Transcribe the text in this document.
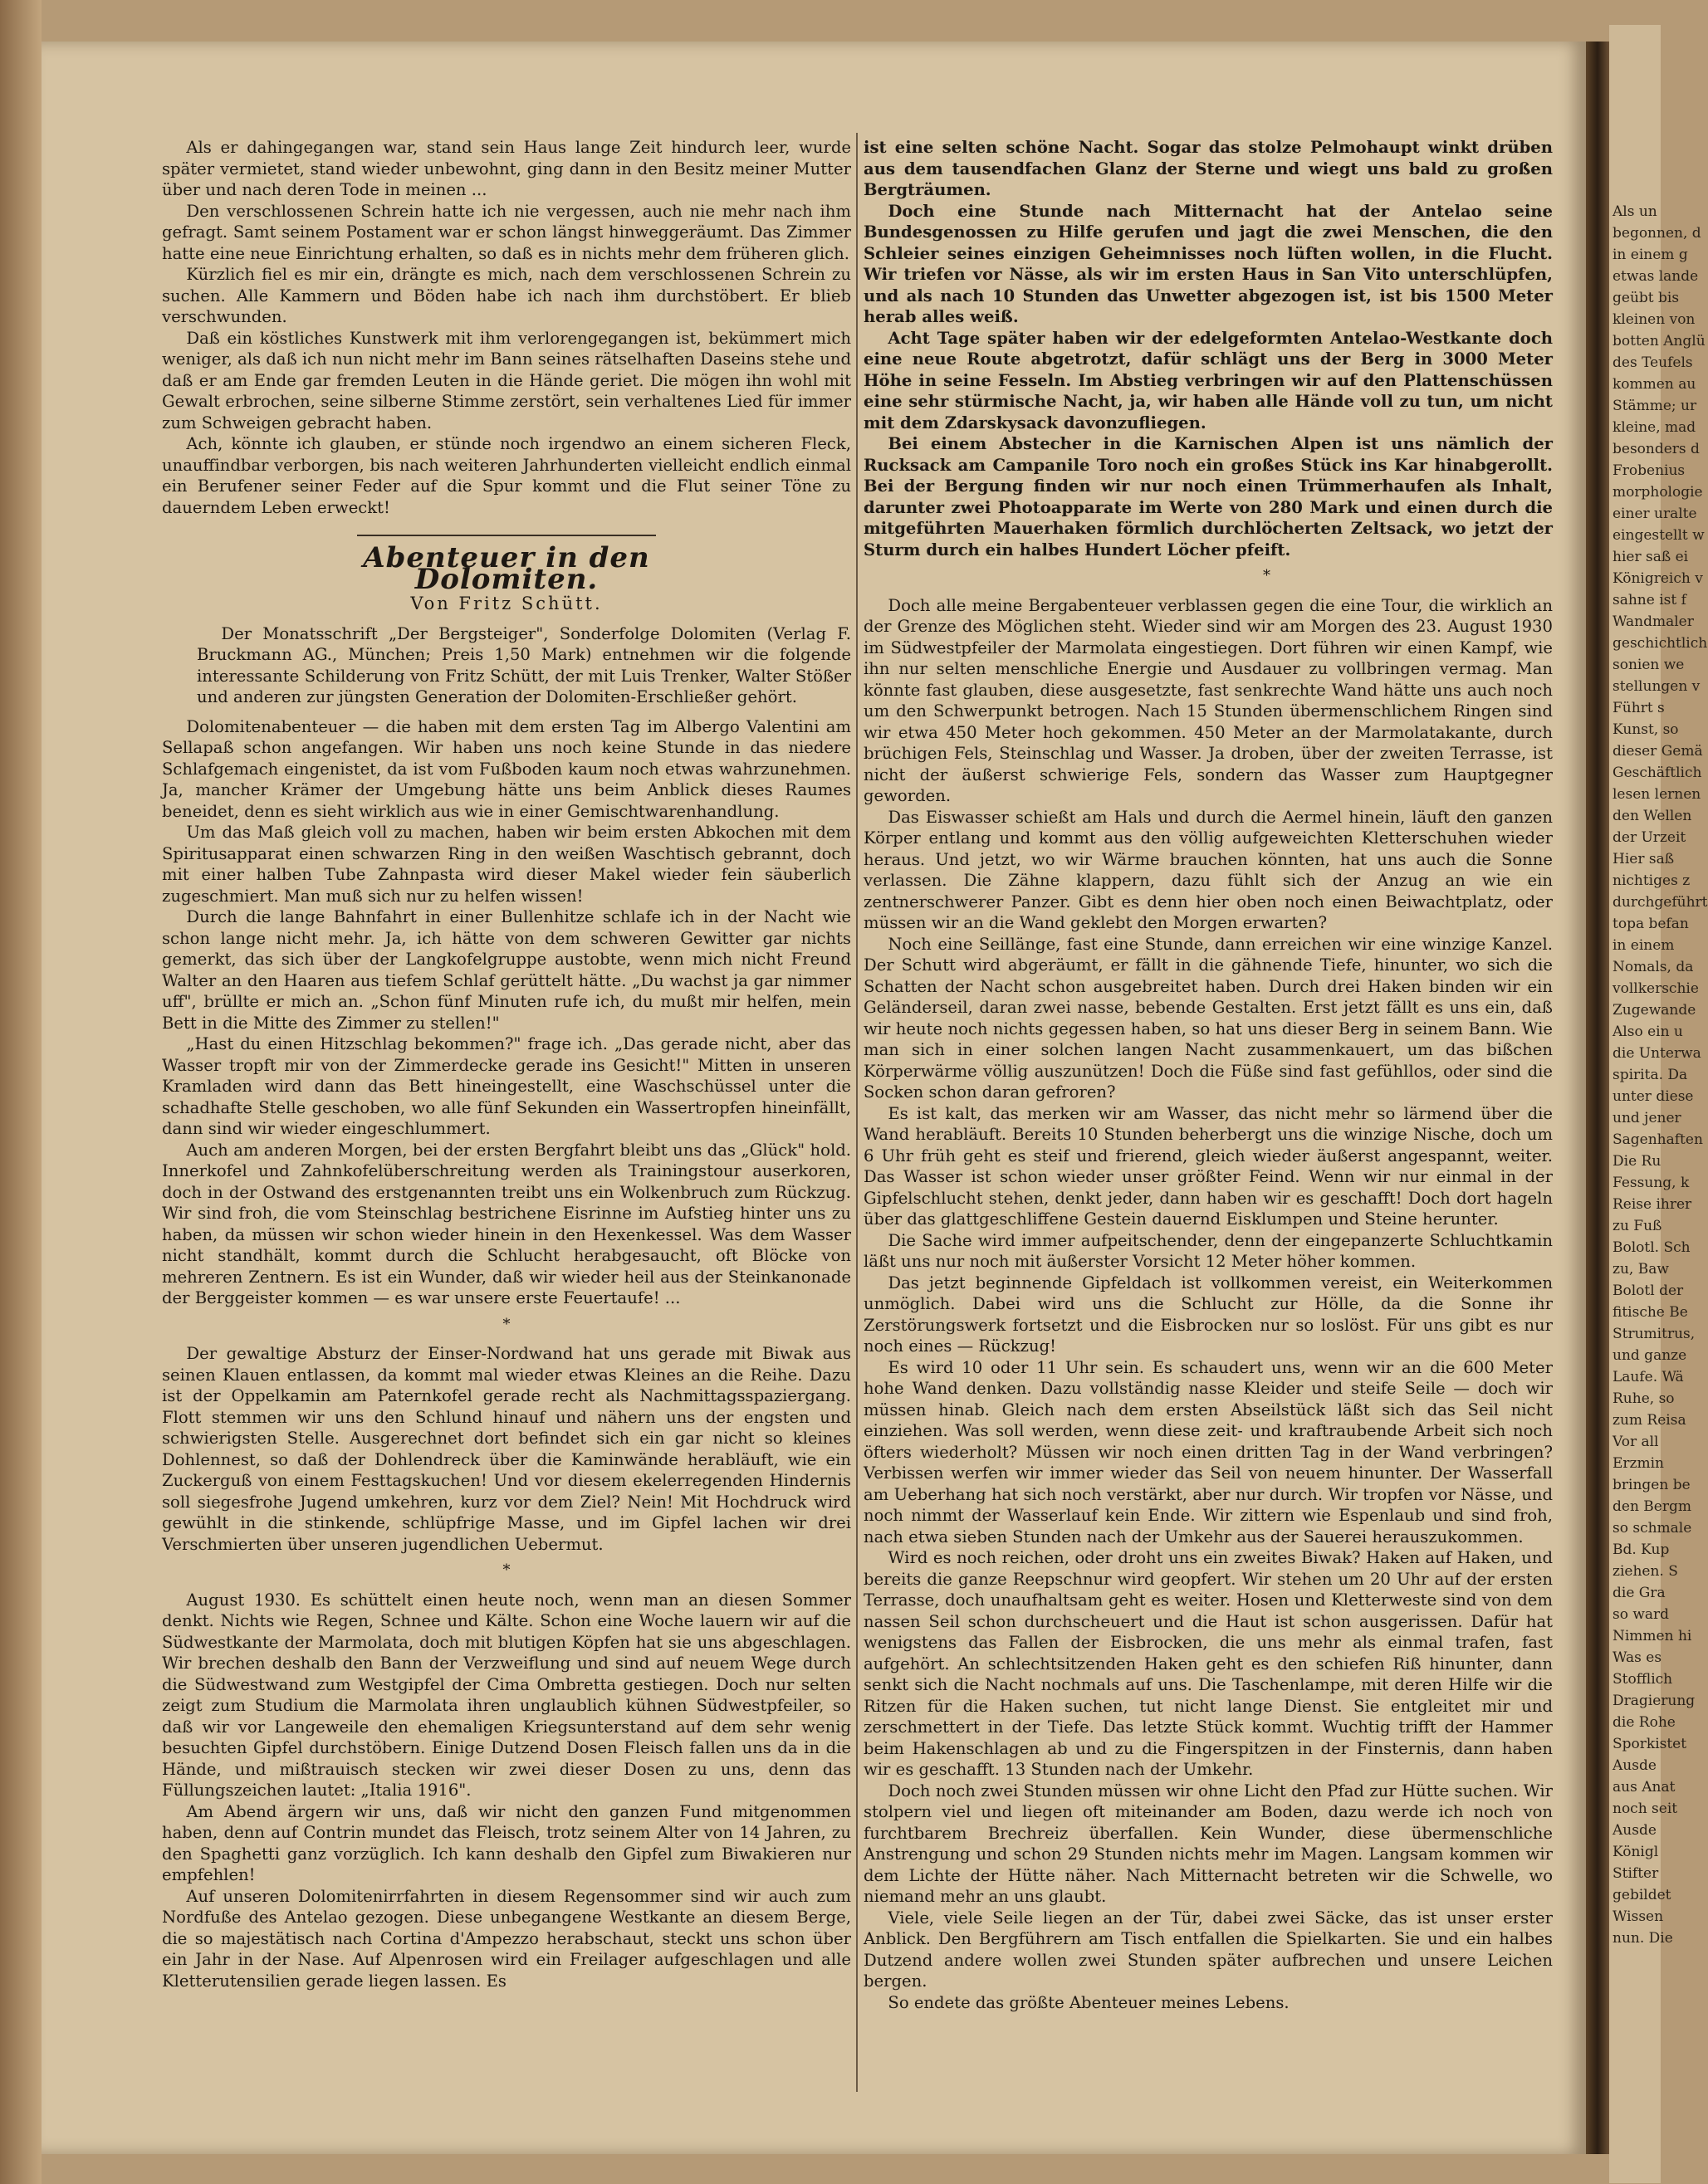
Als er dahingegangen war, stand sein Haus lange Zeit hindurch leer, wurde später vermietet, stand wieder unbewohnt, ging dann in den Besitz meiner Mutter über und nach deren Tode in meinen ...

Den verschlossenen Schrein hatte ich nie vergessen, auch nie mehr nach ihm gefragt. Samt seinem Postament war er schon längst hinweggeräumt. Das Zimmer hatte eine neue Einrichtung erhalten, so daß es in nichts mehr dem früheren glich.

Kürzlich fiel es mir ein, drängte es mich, nach dem verschlossenen Schrein zu suchen. Alle Kammern und Böden habe ich nach ihm durchstöbert. Er blieb verschwunden.

Daß ein köstliches Kunstwerk mit ihm verlorengegangen ist, bekümmert mich weniger, als daß ich nun nicht mehr im Bann seines rätselhaften Daseins stehe und daß er am Ende gar fremden Leuten in die Hände geriet. Die mögen ihn wohl mit Gewalt erbrochen, seine silberne Stimme zerstört, sein verhaltenes Lied für immer zum Schweigen gebracht haben.

Ach, könnte ich glauben, er stünde noch irgendwo an einem sicheren Fleck, unauffindbar verborgen, bis nach weiteren Jahrhunderten vielleicht endlich einmal ein Berufener seiner Feder auf die Spur kommt und die Flut seiner Töne zu dauerndem Leben erweckt!

Abenteuer in den Dolomiten.
Von Fritz Schütt.

Der Monatsschrift „Der Bergsteiger", Sonderfolge Dolomiten (Verlag F. Bruckmann AG., München; Preis 1,50 Mark) entnehmen wir die folgende interessante Schilderung von Fritz Schütt, der mit Luis Trenker, Walter Stößer und anderen zur jüngsten Generation der Dolomiten-Erschließer gehört.

Dolomitenabenteuer — die haben mit dem ersten Tag im Albergo Valentini am Sellapaß schon angefangen. Wir haben uns noch keine Stunde in das niedere Schlafgemach eingenistet, da ist vom Fußboden kaum noch etwas wahrzunehmen. Ja, mancher Krämer der Umgebung hätte uns beim Anblick dieses Raumes beneidet, denn es sieht wirklich aus wie in einer Gemischtwarenhandlung.

Um das Maß gleich voll zu machen, haben wir beim ersten Abkochen mit dem Spiritusapparat einen schwarzen Ring in den weißen Waschtisch gebrannt, doch mit einer halben Tube Zahnpasta wird dieser Makel wieder fein säuberlich zugeschmiert. Man muß sich nur zu helfen wissen!

Durch die lange Bahnfahrt in einer Bullenhitze schlafe ich in der Nacht wie schon lange nicht mehr. Ja, ich hätte von dem schweren Gewitter gar nichts gemerkt, das sich über der Langkofelgruppe austobte, wenn mich nicht Freund Walter an den Haaren aus tiefem Schlaf gerüttelt hätte. „Du wachst ja gar nimmer uff", brüllte er mich an. „Schon fünf Minuten rufe ich, du mußt mir helfen, mein Bett in die Mitte des Zimmer zu stellen!"

„Hast du einen Hitzschlag bekommen?" frage ich. „Das gerade nicht, aber das Wasser tropft mir von der Zimmerdecke gerade ins Gesicht!" Mitten in unseren Kramladen wird dann das Bett hineingestellt, eine Waschschüssel unter die schadhafte Stelle geschoben, wo alle fünf Sekunden ein Wassertropfen hineinfällt, dann sind wir wieder eingeschlummert.

Auch am anderen Morgen, bei der ersten Bergfahrt bleibt uns das „Glück" hold. Innerkofel und Zahnkofelüberschreitung werden als Trainingstour auserkoren, doch in der Ostwand des erstgenannten treibt uns ein Wolkenbruch zum Rückzug. Wir sind froh, die vom Steinschlag bestrichene Eisrinne im Aufstieg hinter uns zu haben, da müssen wir schon wieder hinein in den Hexenkessel. Was dem Wasser nicht standhält, kommt durch die Schlucht herabgesaucht, oft Blöcke von mehreren Zentnern. Es ist ein Wunder, daß wir wieder heil aus der Steinkanonade der Berggeister kommen — es war unsere erste Feuertaufe! ...

*

Der gewaltige Absturz der Einser-Nordwand hat uns gerade mit Biwak aus seinen Klauen entlassen, da kommt mal wieder etwas Kleines an die Reihe. Dazu ist der Oppelkamin am Paternkofel gerade recht als Nachmittagsspaziergang. Flott stemmen wir uns den Schlund hinauf und nähern uns der engsten und schwierigsten Stelle. Ausgerechnet dort befindet sich ein gar nicht so kleines Dohlennest, so daß der Dohlendreck über die Kaminwände herabläuft, wie ein Zuckerguß von einem Festtagskuchen! Und vor diesem ekelerregenden Hindernis soll siegesfrohe Jugend umkehren, kurz vor dem Ziel? Nein! Mit Hochdruck wird gewühlt in die stinkende, schlüpfrige Masse, und im Gipfel lachen wir drei Verschmierten über unseren jugendlichen Uebermut.

*

August 1930. Es schüttelt einen heute noch, wenn man an diesen Sommer denkt. Nichts wie Regen, Schnee und Kälte. Schon eine Woche lauern wir auf die Südwestkante der Marmolata, doch mit blutigen Köpfen hat sie uns abgeschlagen. Wir brechen deshalb den Bann der Verzweiflung und sind auf neuem Wege durch die Südwestwand zum Westgipfel der Cima Ombretta gestiegen. Doch nur selten zeigt zum Studium die Marmolata ihren unglaublich kühnen Südwestpfeiler, so daß wir vor Langeweile den ehemaligen Kriegsunterstand auf dem sehr wenig besuchten Gipfel durchstöbern. Einige Dutzend Dosen Fleisch fallen uns da in die Hände, und mißtrauisch stecken wir zwei dieser Dosen zu uns, denn das Füllungszeichen lautet: „Italia 1916".

Am Abend ärgern wir uns, daß wir nicht den ganzen Fund mitgenommen haben, denn auf Contrin mundet das Fleisch, trotz seinem Alter von 14 Jahren, zu den Spaghetti ganz vorzüglich. Ich kann deshalb den Gipfel zum Biwakieren nur empfehlen!

Auf unseren Dolomitenirrfahrten in diesem Regensommer sind wir auch zum Nordfuße des Antelao gezogen. Diese unbegangene Westkante an diesem Berge, die so majestätisch nach Cortina d'Ampezzo herabschaut, steckt uns schon über ein Jahr in der Nase. Auf Alpenrosen wird ein Freilager aufgeschlagen und alle Kletterutensilien gerade liegen lassen. Es

ist eine selten schöne Nacht. Sogar das stolze Pelmohaupt winkt drüben aus dem tausendfachen Glanz der Sterne und wiegt uns bald zu großen Bergträumen.

Doch eine Stunde nach Mitternacht hat der Antelao seine Bundesgenossen zu Hilfe gerufen und jagt die zwei Menschen, die den Schleier seines einzigen Geheimnisses noch lüften wollen, in die Flucht. Wir triefen vor Nässe, als wir im ersten Haus in San Vito unterschlüpfen, und als nach 10 Stunden das Unwetter abgezogen ist, ist bis 1500 Meter herab alles weiß.

Acht Tage später haben wir der edelgeformten Antelao-Westkante doch eine neue Route abgetrotzt, dafür schlägt uns der Berg in 3000 Meter Höhe in seine Fesseln. Im Abstieg verbringen wir auf den Plattenschüssen eine sehr stürmische Nacht, ja, wir haben alle Hände voll zu tun, um nicht mit dem Zdarskysack davonzufliegen.

Bei einem Abstecher in die Karnischen Alpen ist uns nämlich der Rucksack am Campanile Toro noch ein großes Stück ins Kar hinabgerollt. Bei der Bergung finden wir nur noch einen Trümmerhaufen als Inhalt, darunter zwei Photoapparate im Werte von 280 Mark und einen durch die mitgeführten Mauerhaken förmlich durchlöcherten Zeltsack, wo jetzt der Sturm durch ein halbes Hundert Löcher pfeift.

*

Doch alle meine Bergabenteuer verblassen gegen die eine Tour, die wirklich an der Grenze des Möglichen steht. Wieder sind wir am Morgen des 23. August 1930 im Südwestpfeiler der Marmolata eingestiegen. Dort führen wir einen Kampf, wie ihn nur selten menschliche Energie und Ausdauer zu vollbringen vermag. Man könnte fast glauben, diese ausgesetzte, fast senkrechte Wand hätte uns auch noch um den Schwerpunkt betrogen. Nach 15 Stunden übermenschlichem Ringen sind wir etwa 450 Meter hoch gekommen. 450 Meter an der Marmolatakante, durch brüchigen Fels, Steinschlag und Wasser. Ja droben, über der zweiten Terrasse, ist nicht der äußerst schwierige Fels, sondern das Wasser zum Hauptgegner geworden.

Das Eiswasser schießt am Hals und durch die Aermel hinein, läuft den ganzen Körper entlang und kommt aus den völlig aufgeweichten Kletterschuhen wieder heraus. Und jetzt, wo wir Wärme brauchen könnten, hat uns auch die Sonne verlassen. Die Zähne klappern, dazu fühlt sich der Anzug an wie ein zentnerschwerer Panzer. Gibt es denn hier oben noch einen Beiwachtplatz, oder müssen wir an die Wand geklebt den Morgen erwarten?

Noch eine Seillänge, fast eine Stunde, dann erreichen wir eine winzige Kanzel. Der Schutt wird abgeräumt, er fällt in die gähnende Tiefe, hinunter, wo sich die Schatten der Nacht schon ausgebreitet haben. Durch drei Haken binden wir ein Geländerseil, daran zwei nasse, bebende Gestalten. Erst jetzt fällt es uns ein, daß wir heute noch nichts gegessen haben, so hat uns dieser Berg in seinem Bann. Wie man sich in einer solchen langen Nacht zusammenkauert, um das bißchen Körperwärme völlig auszunützen! Doch die Füße sind fast gefühllos, oder sind die Socken schon daran gefroren?

Es ist kalt, das merken wir am Wasser, das nicht mehr so lärmend über die Wand herabläuft. Bereits 10 Stunden beherbergt uns die winzige Nische, doch um 6 Uhr früh geht es steif und frierend, gleich wieder äußerst angespannt, weiter. Das Wasser ist schon wieder unser größter Feind. Wenn wir nur einmal in der Gipfelschlucht stehen, denkt jeder, dann haben wir es geschafft! Doch dort hageln über das glattgeschliffene Gestein dauernd Eisklumpen und Steine herunter.

Die Sache wird immer aufpeitschender, denn der eingepanzerte Schluchtkamin läßt uns nur noch mit äußerster Vorsicht 12 Meter höher kommen.

Das jetzt beginnende Gipfeldach ist vollkommen vereist, ein Weiterkommen unmöglich. Dabei wird uns die Schlucht zur Hölle, da die Sonne ihr Zerstörungswerk fortsetzt und die Eisbrocken nur so loslöst. Für uns gibt es nur noch eines — Rückzug!

Es wird 10 oder 11 Uhr sein. Es schaudert uns, wenn wir an die 600 Meter hohe Wand denken. Dazu vollständig nasse Kleider und steife Seile — doch wir müssen hinab. Gleich nach dem ersten Abseilstück läßt sich das Seil nicht einziehen. Was soll werden, wenn diese zeit- und kraftraubende Arbeit sich noch öfters wiederholt? Müssen wir noch einen dritten Tag in der Wand verbringen? Verbissen werfen wir immer wieder das Seil von neuem hinunter. Der Wasserfall am Ueberhang hat sich noch verstärkt, aber nur durch. Wir tropfen vor Nässe, und noch nimmt der Wasserlauf kein Ende. Wir zittern wie Espenlaub und sind froh, nach etwa sieben Stunden nach der Umkehr aus der Sauerei herauszukommen.

Wird es noch reichen, oder droht uns ein zweites Biwak? Haken auf Haken, und bereits die ganze Reepschnur wird geopfert. Wir stehen um 20 Uhr auf der ersten Terrasse, doch unaufhaltsam geht es weiter. Hosen und Kletterweste sind von dem nassen Seil schon durchscheuert und die Haut ist schon ausgerissen. Dafür hat wenigstens das Fallen der Eisbrocken, die uns mehr als einmal trafen, fast aufgehört. An schlechtsitzenden Haken geht es den schiefen Riß hinunter, dann senkt sich die Nacht nochmals auf uns. Die Taschenlampe, mit deren Hilfe wir die Ritzen für die Haken suchen, tut nicht lange Dienst. Sie entgleitet mir und zerschmettert in der Tiefe. Das letzte Stück kommt. Wuchtig trifft der Hammer beim Hakenschlagen ab und zu die Fingerspitzen in der Finsternis, dann haben wir es geschafft. 13 Stunden nach der Umkehr.

Doch noch zwei Stunden müssen wir ohne Licht den Pfad zur Hütte suchen. Wir stolpern viel und liegen oft miteinander am Boden, dazu werde ich noch von furchtbarem Brechreiz überfallen. Kein Wunder, diese übermenschliche Anstrengung und schon 29 Stunden nichts mehr im Magen. Langsam kommen wir dem Lichte der Hütte näher. Nach Mitternacht betreten wir die Schwelle, wo niemand mehr an uns glaubt.

Viele, viele Seile liegen an der Tür, dabei zwei Säcke, das ist unser erster Anblick. Den Bergführern am Tisch entfallen die Spielkarten. Sie und ein halbes Dutzend andere wollen zwei Stunden später aufbrechen und unsere Leichen bergen.

So endete das größte Abenteuer meines Lebens.

Als un
begonnen, d
in einem g
etwas lande
geübt bis
kleinen von
botten Anglü
des Teufels
kommen au
Stämme; ur
kleine, mad
besonders d
Frobenius
morphologie
einer uralte
eingestellt w
hier saß ei
Königreich v
sahne ist f
Wandmaler
geschichtlich
sonien we
stellungen v
Führt s
Kunst, so
dieser Gemä
Geschäftlich
lesen lernen
den Wellen
der Urzeit
Hier saß
nichtiges z
durchgeführt
topa befan
in einem
Nomals, da
vollkerschie
Zugewande
Also ein u
die Unterwa
spirita. Da
unter diese
und jener
Sagenhaften
Die Ru
Fessung, k
Reise ihrer
zu Fuß
Bolotl. Sch
zu, Baw
Bolotl der
fitische Be
Strumitrus,
und ganze
Laufe. Wä
Ruhe, so
zum Reisa
Vor all
Erzmin
bringen be
den Bergm
so schmale
Bd. Kup
ziehen. S
die Gra
so ward
Nimmen hi
Was es
Stofflich
Dragierung
die Rohe
Sporkistet
Ausde
aus Anat
noch seit
Ausde
Königl
Stifter
gebildet
Wissen
nun. Die
